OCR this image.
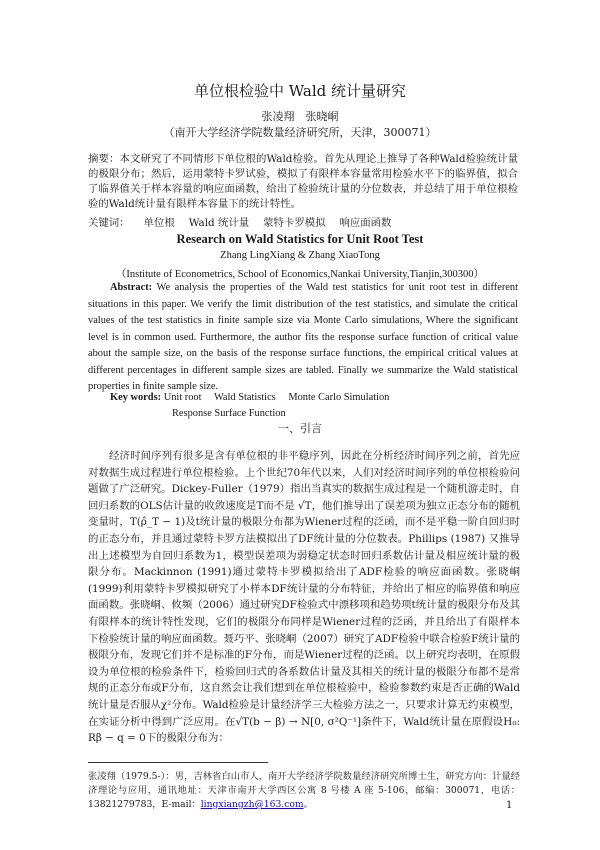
单位根检验中 Wald 统计量研究
张凌翔　张晓峒
（南开大学经济学院数量经济研究所，天津，300071）
摘要：本文研究了不同情形下单位根的Wald检验。首先从理论上推导了各种Wald检验统计量的极限分布；然后，运用蒙特卡罗试验，模拟了有限样本容量常用检验水平下的临界值，拟合了临界值关于样本容量的响应面函数，给出了检验统计量的分位数表，并总结了用于单位根检验的Wald统计量有限样本容量下的统计特性。
关键词： 单位根 Wald 统计量 蒙特卡罗模拟 响应面函数
Research on Wald Statistics for Unit Root Test
Zhang LingXiang & Zhang XiaoTong
（Institute of Econometrics, School of Economics,Nankai University,Tianjin,300300）
Abstract: We analysis the properties of the Wald test statistics for unit root test in different situations in this paper. We verify the limit distribution of the test statistics, and simulate the critical values of the test statistics in finite sample size via Monte Carlo simulations, Where the significant level is in common used. Furthermore, the author fits the response surface function of critical value about the sample size, on the basis of the response surface functions, the empirical critical values at different percentages in different sample sizes are tabled. Finally we summarize the Wald statistical properties in finite sample size.
Key words: Unit root Wald Statistics Monte Carlo Simulation
Response Surface Function
一、引言
经济时间序列有很多是含有单位根的非平稳序列，因此在分析经济时间序列之前，首先应对数据生成过程进行单位根检验。上个世纪70年代以来，人们对经济时间序列的单位根检验问题做了广泛研究。Dickey-Fuller（1979）指出当真实的数据生成过程是一个随机游走时，自回归系数的OLS估计量的收敛速度是T而不是 √T，他们推导出了误差项为独立正态分布的随机变量时，T(ρ̂_T − 1)及t统计量的极限分布都为Wiener过程的泛函，而不是平稳一阶自回归时的正态分布，并且通过蒙特卡罗方法模拟出了DF统计量的分位数表。Phillips (1987) 又推导出上述模型为自回归系数为1，模型误差项为弱稳定状态时回归系数估计量及相应统计量的极限分布。Mackinnon (1991)通过蒙特卡罗模拟给出了ADF检验的响应面函数。张晓峒(1999)利用蒙特卡罗模拟研究了小样本DF统计量的分布特征，并给出了相应的临界值和响应面函数。张晓峒、攸频（2006）通过研究DF检验式中漂移项和趋势项t统计量的极限分布及其有限样本的统计特性发现，它们的极限分布同样是Wiener过程的泛函，并且给出了有限样本下检验统计量的响应面函数。聂巧平、张晓峒（2007）研究了ADF检验中联合检验F统计量的极限分布，发现它们并不是标准的F分布，而是Wiener过程的泛函。以上研究均表明，在原假设为单位根的检验条件下，检验回归式的各系数估计量及其相关的统计量的极限分布都不是常规的正态分布或F分布，这自然会让我们想到在单位根检验中，检验参数约束是否正确的Wald统计量是否服从χ²分布。Wald检验是计量经济学三大检验方法之一，只要求计算无约束模型，在实证分析中得到广泛应用。在√T(b − β) → N[0, σ²Q⁻¹]条件下，Wald统计量在原假设H₀: Rβ − q = 0下的极限分布为：
张凌翔（1979.5-）：男，吉林省白山市人，南开大学经济学院数量经济研究所博士生，研究方向：计量经济理论与应用，通讯地址：天津市南开大学西区公寓 8 号楼 A 座 5-106，邮编：300071，电话：13821279783，E-mail：lingxiangzh@163.com。	1
